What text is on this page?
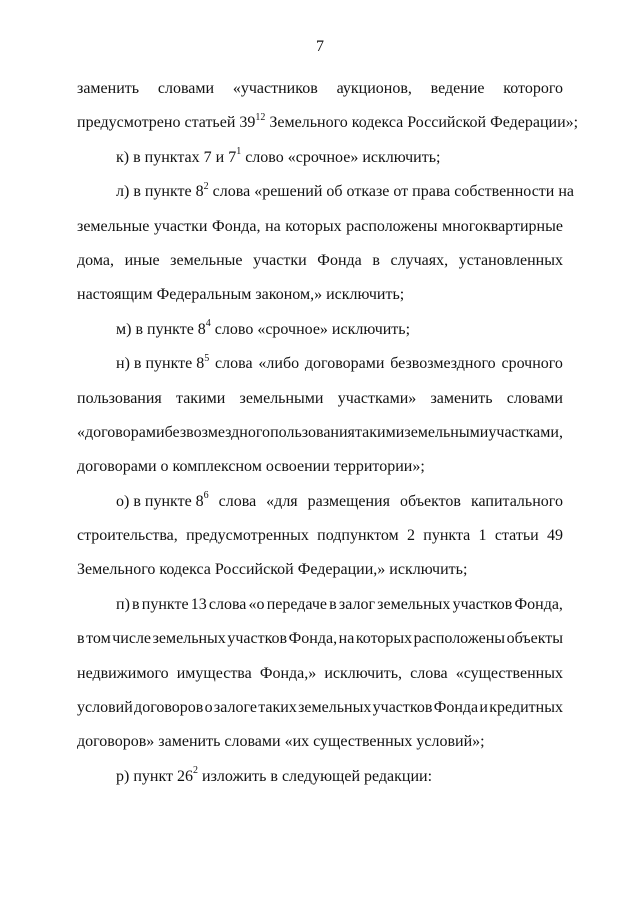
7
заменить словами «участников аукционов, ведение которого
предусмотрено статьей $39^{12}$ Земельного кодекса Российской Федерации»;
к) в пунктах 7 и $7^1$ слово «срочное» исключить;
л) в пункте $8^2$ слова «решений об отказе от права собственности на
земельные участки Фонда, на которых расположены многоквартирные
дома, иные земельные участки Фонда в случаях, установленных
настоящим Федеральным законом,» исключить;
м) в пункте $8^4$ слово «срочное» исключить;
н) в пункте $8^5$ слова «либо договорами безвозмездного срочного
пользования такими земельными участками» заменить словами
«договорами безвозмездного пользования такими земельными участками,
договорами о комплексном освоении территории»;
о) в пункте $8^6$ слова «для размещения объектов капитального
строительства, предусмотренных подпунктом 2 пункта 1 статьи 49
Земельного кодекса Российской Федерации,» исключить;
п) в пункте 13 слова «о передаче в залог земельных участков Фонда,
в том числе земельных участков Фонда, на которых расположены объекты
недвижимого имущества Фонда,» исключить, слова «существенных
условий договоров о залоге таких земельных участков Фонда и кредитных
договоров» заменить словами «их существенных условий»;
р) пункт $26^2$ изложить в следующей редакции:
